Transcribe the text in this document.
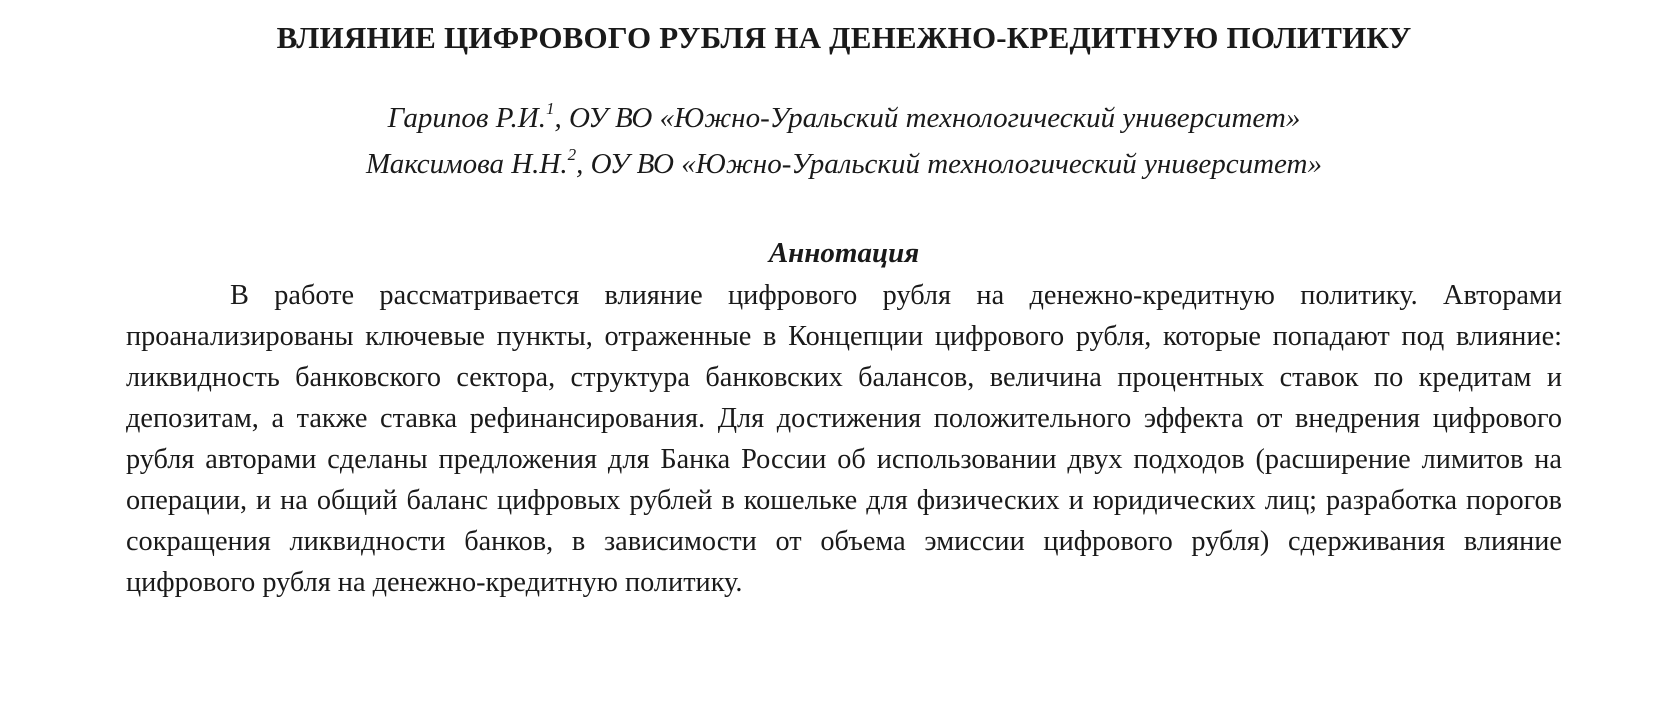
ВЛИЯНИЕ ЦИФРОВОГО РУБЛЯ НА ДЕНЕЖНО-КРЕДИТНУЮ ПОЛИТИКУ
Гарипов Р.И.$^1$, ОУ ВО «Южно-Уральский технологический университет»
Максимова Н.Н.$^2$, ОУ ВО «Южно-Уральский технологический университет»
Аннотация

В работе рассматривается влияние цифрового рубля на денежно-кредитную политику. Авторами проанализированы ключевые пункты, отраженные в Концепции цифрового рубля, которые попадают под влияние: ликвидность банковского сектора, структура банковских балансов, величина процентных ставок по кредитам и депозитам, а также ставка рефинансирования. Для достижения положительного эффекта от внедрения цифрового рубля авторами сделаны предложения для Банка России об использовании двух подходов (расширение лимитов на операции, и на общий баланс цифровых рублей в кошельке для физических и юридических лиц; разработка порогов сокращения ликвидности банков, в зависимости от объема эмиссии цифрового рубля) сдерживания влияние цифрового рубля на денежно-кредитную политику.
